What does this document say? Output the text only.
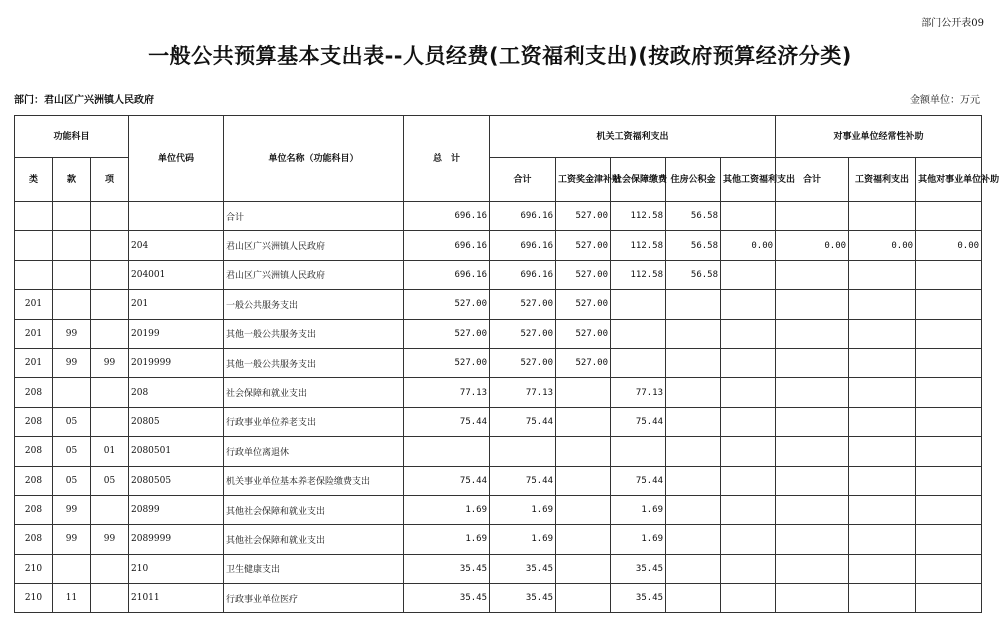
部门公开表09
一般公共预算基本支出表--人员经费(工资福利支出)(按政府预算经济分类)
部门：君山区广兴洲镇人民政府	金额单位：万元
功能科目			单位代码	单位名称（功能科目）	总　计	机关工资福利支出					对事业单位经常性补助		
类	款	项				合计	工资奖金津补贴	社会保障缴费	住房公积金	其他工资福利支出	合计	工资福利支出	其他对事业单位补助
				合计	696.16	696.16	527.00	112.58	56.58				
			204	君山区广兴洲镇人民政府	696.16	696.16	527.00	112.58	56.58	0.00	0.00	0.00	0.00
			204001	君山区广兴洲镇人民政府	696.16	696.16	527.00	112.58	56.58				
201			201	一般公共服务支出	527.00	527.00	527.00						
201	99		20199	其他一般公共服务支出	527.00	527.00	527.00						
201	99	99	2019999	其他一般公共服务支出	527.00	527.00	527.00						
208			208	社会保障和就业支出	77.13	77.13		77.13					
208	05		20805	行政事业单位养老支出	75.44	75.44		75.44					
208	05	01	2080501	行政单位离退休									
208	05	05	2080505	机关事业单位基本养老保险缴费支出	75.44	75.44		75.44					
208	99		20899	其他社会保障和就业支出	1.69	1.69		1.69					
208	99	99	2089999	其他社会保障和就业支出	1.69	1.69		1.69					
210			210	卫生健康支出	35.45	35.45		35.45					
210	11		21011	行政事业单位医疗	35.45	35.45		35.45					
